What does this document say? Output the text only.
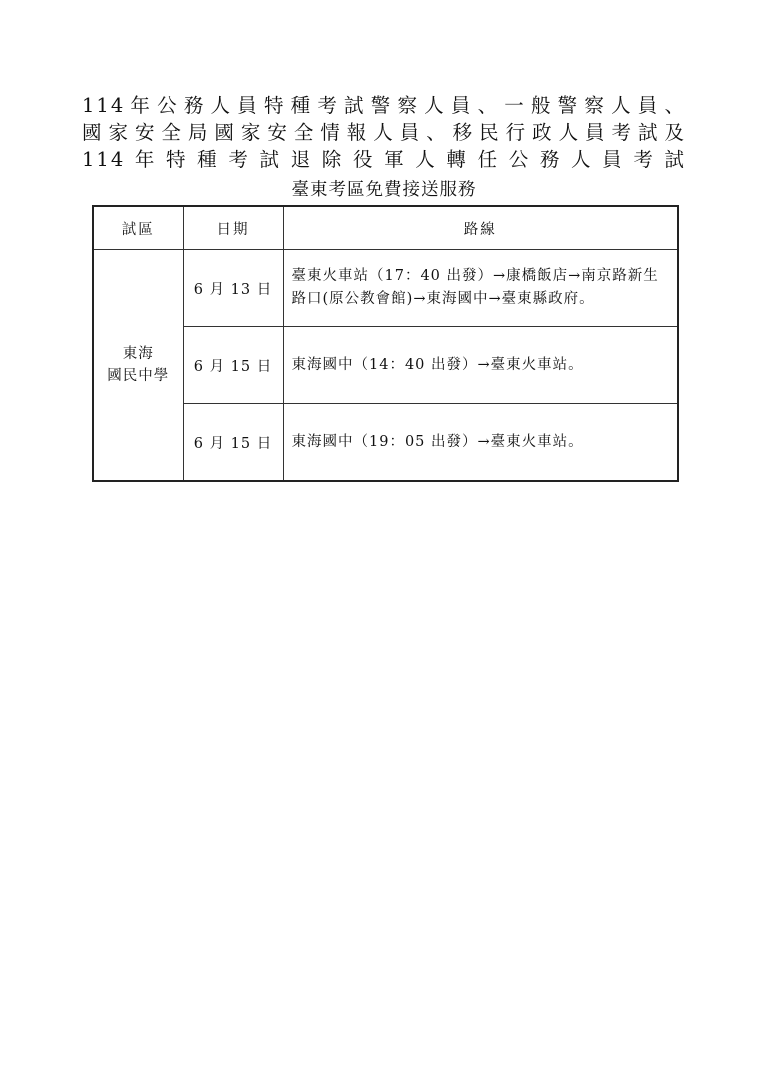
114年公務人員特種考試警察人員、一般警察人員、
國家安全局國家安全情報人員、移民行政人員考試及
114年特種考試退除役軍人轉任公務人員考試
臺東考區免費接送服務
試區	日期	路線

東海
國民中學	6 月 13 日	臺東火車站（17：40 出發）→康橋飯店→南京路新生路口(原公教會館)→東海國中→臺東縣政府。
	6 月 15 日	東海國中（14：40 出發）→臺東火車站。
	6 月 15 日	東海國中（19：05 出發）→臺東火車站。
